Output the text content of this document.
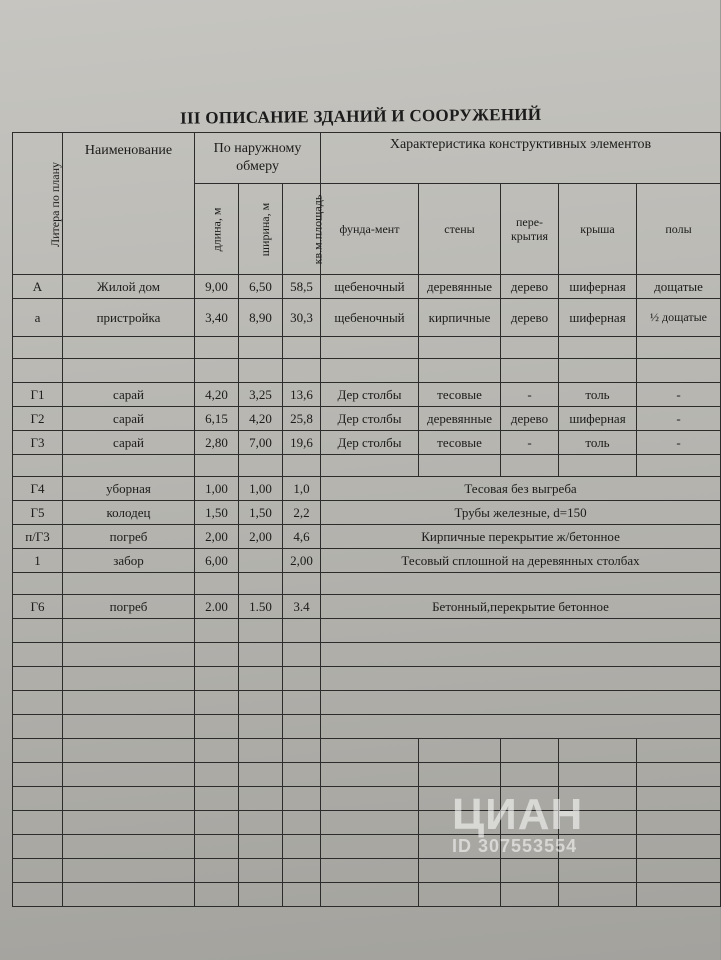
III ОПИСАНИЕ ЗДАНИЙ И СООРУЖЕНИЙ
Литера по плану	Наименование	По наружному обмеру			Характеристика конструктивных элементов				
		длина, м	ширина, м	кв.м.площадь	фунда-мент	стены	пере-крытия	крыша	полы
А	Жилой дом	9,00	6,50	58,5	щебеночный	деревянные	дерево	шиферная	дощатые
а	пристройка	3,40	8,90	30,3	щебеночный	кирпичные	дерево	шиферная	½ дощатые

Г1	сарай	4,20	3,25	13,6	Дер столбы	тесовые	-	толь	-
Г2	сарай	6,15	4,20	25,8	Дер столбы	деревянные	дерево	шиферная	-
Г3	сарай	2,80	7,00	19,6	Дер столбы	тесовые	-	толь	-

Г4	уборная	1,00	1,00	1,0	Тесовая без выгреба				
Г5	колодец	1,50	1,50	2,2	Трубы железные, d=150				
п/Г3	погреб	2,00	2,00	4,6	Кирпичные перекрытие ж/бетонное				
1	забор	6,00		2,00	Тесовый сплошной на деревянных столбах				

Г6	погреб	2.00	1.50	3.4	Бетонный,перекрытие бетонное				

ЦИАН
ID 307553554
